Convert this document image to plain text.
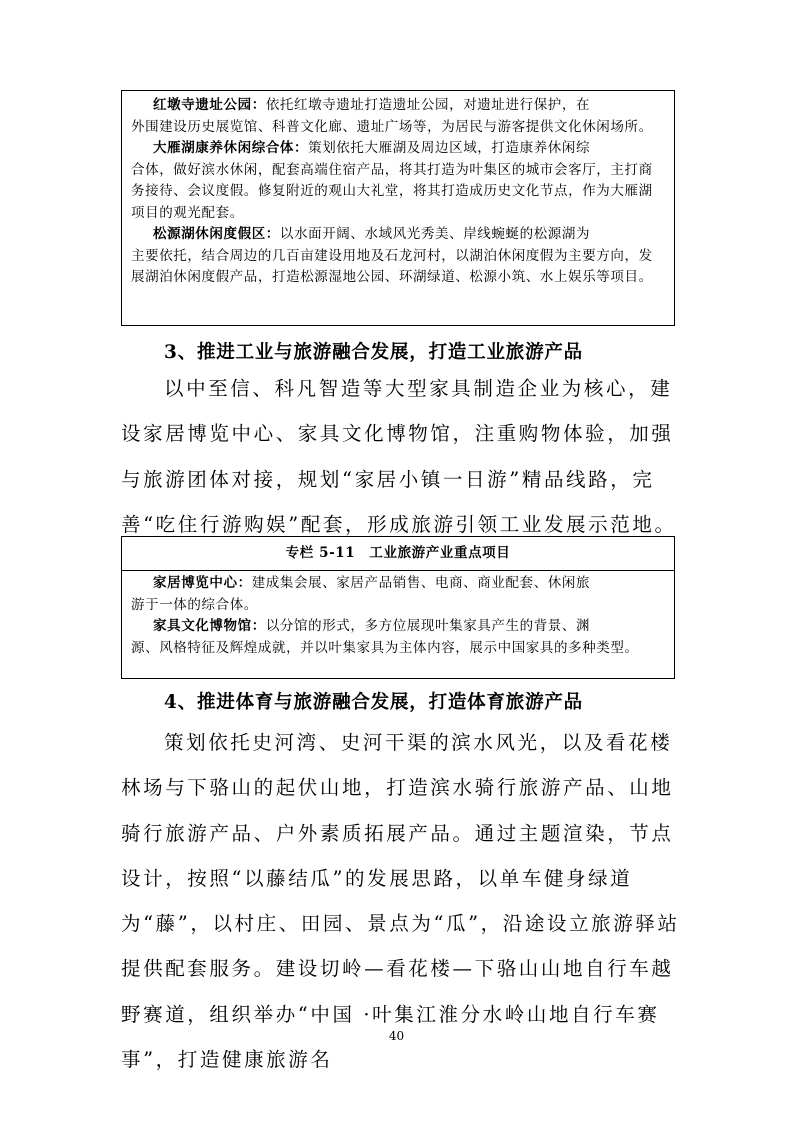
红墩寺遗址公园：依托红墩寺遗址打造遗址公园，对遗址进行保护，在

外围建设历史展览馆、科普文化廊、遗址广场等，为居民与游客提供文化休闲场所。

大雁湖康养休闲综合体：策划依托大雁湖及周边区域，打造康养休闲综

合体，做好滨水休闲，配套高端住宿产品，将其打造为叶集区的城市会客厅，主打商务接待、会议度假。修复附近的观山大礼堂，将其打造成历史文化节点，作为大雁湖项目的观光配套。

松源湖休闲度假区：以水面开阔、水域风光秀美、岸线蜿蜒的松源湖为

主要依托，结合周边的几百亩建设用地及石龙河村，以湖泊休闲度假为主要方向，发展湖泊休闲度假产品，打造松源湿地公园、环湖绿道、松源小筑、水上娱乐等项目。

3、推进工业与旅游融合发展，打造工业旅游产品

以中至信、科凡智造等大型家具制造企业为核心，建设家居博览中心、家具文化博物馆，注重购物体验，加强与旅游团体对接，规划“家居小镇一日游”精品线路，完善“吃住行游购娱”配套，形成旅游引领工业发展示范地。

专栏 5-11　工业旅游产业重点项目

家居博览中心：建成集会展、家居产品销售、电商、商业配套、休闲旅

游于一体的综合体。

家具文化博物馆：以分馆的形式，多方位展现叶集家具产生的背景、渊

源、风格特征及辉煌成就，并以叶集家具为主体内容，展示中国家具的多种类型。

4、推进体育与旅游融合发展，打造体育旅游产品

策划依托史河湾、史河干渠的滨水风光，以及看花楼林场与下骆山的起伏山地，打造滨水骑行旅游产品、山地骑行旅游产品、户外素质拓展产品。通过主题渲染，节点设计，按照“以藤结瓜”的发展思路，以单车健身绿道为“藤”，以村庄、田园、景点为“瓜”，沿途设立旅游驿站提供配套服务。建设切岭—看花楼—下骆山山地自行车越野赛道，组织举办“中国 ·叶集江淮分水岭山地自行车赛事”，打造健康旅游名

40
